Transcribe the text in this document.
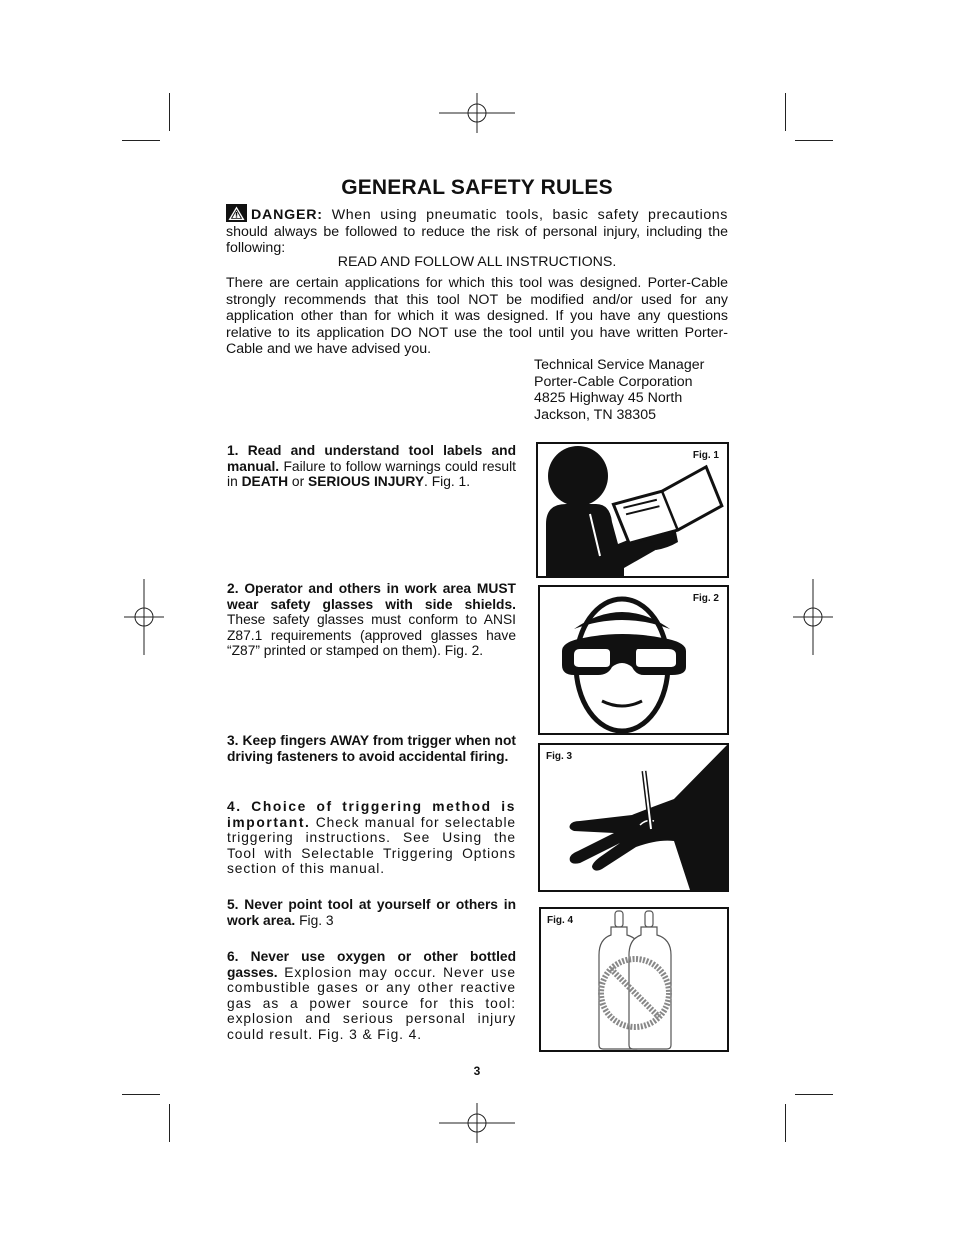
GENERAL SAFETY RULES
DANGER: When using pneumatic tools, basic safety precautions should always be followed to reduce the risk of personal injury, including the following:
READ AND FOLLOW ALL INSTRUCTIONS.
There are certain applications for which this tool was designed. Porter-Cable strongly recommends that this tool NOT be modified and/or used for any application other than for which it was designed. If you have any questions relative to its application DO NOT use the tool until you have written Porter-Cable and we have advised you.
Technical Service Manager
Porter-Cable Corporation
4825 Highway 45 North
Jackson, TN 38305
1. Read and understand tool labels and manual. Failure to follow warnings could result in DEATH or SERIOUS INJURY. Fig. 1.
2. Operator and others in work area MUST wear safety glasses with side shields. These safety glasses must conform to ANSI Z87.1 requirements (approved glasses have “Z87” printed or stamped on them). Fig. 2.
3. Keep fingers AWAY from trigger when not driving fasteners to avoid accidental firing.
4. Choice of triggering method is important. Check manual for selectable triggering instructions. See Using the Tool with Selectable Triggering Options section of this manual.
5. Never point tool at yourself or others in work area. Fig. 3
6. Never use oxygen or other bottled gasses. Explosion may occur. Never use combustible gases or any other reactive gas as a power source for this tool: explosion and serious personal injury could result. Fig. 3 & Fig. 4.
Fig. 1
Fig. 2
Fig. 3
Fig. 4
3
